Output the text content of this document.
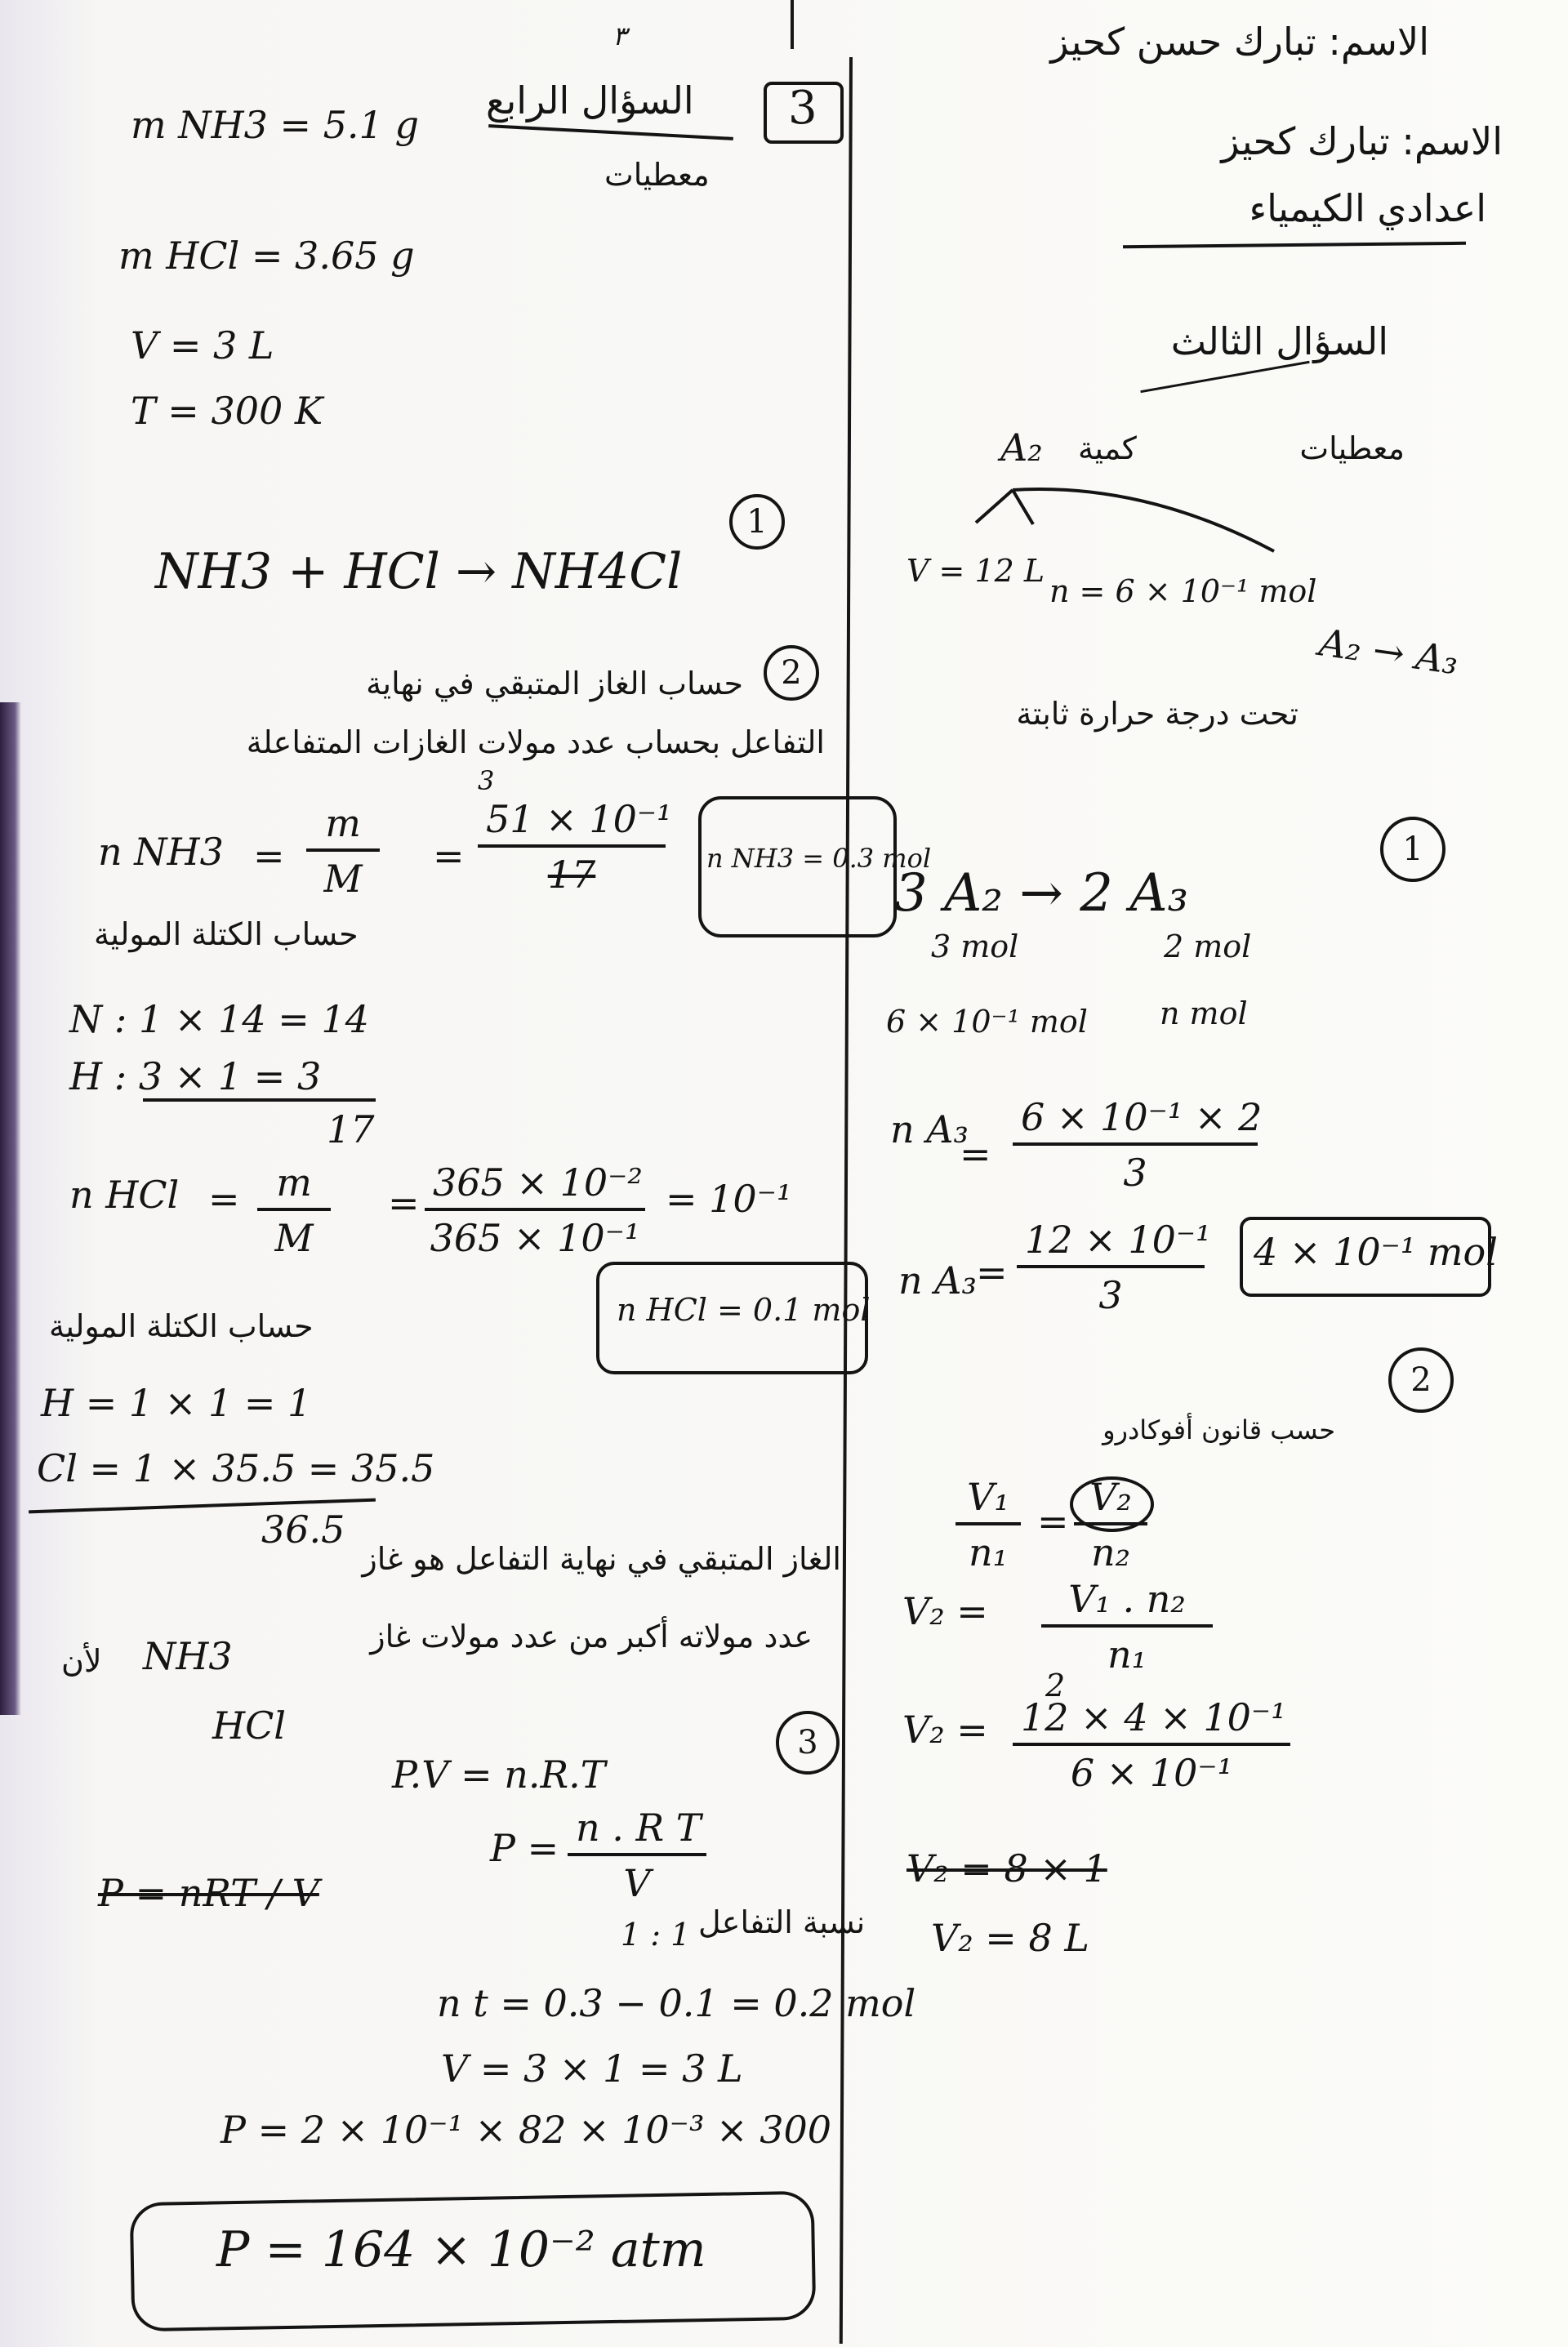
الاسم: تبارك حسن كحيز
٣
الاسم: تبارك كحيز
اعدادي الكيمياء
السؤال الثالث
معطيات
كمية
A₂
V = 12 L
n = 6 × 10⁻¹ mol
A₂ → A₃
تحت درجة حرارة ثابتة
1
3 A₂ → 2 A₃
3 mol	2 mol
6 × 10⁻¹ mol n mol
n A₃
= $\frac{\text{6 × 10⁻¹ × 2}}{3}$
n $A_3 = \frac{\text{12 × 10⁻¹}}{3} 4 \times 10^{-1}$ mol
2
حسب قانون أفوكادرو
$\frac{\text{V₁}}{\text{n₁}} = \frac{\text{V₂}}{\text{n₂}}$
$V_2 = \frac{\text{V₁ . n₂}}{\text{n₁}}$
V₂ =
2
$\frac{\text{12 × 4 × 10⁻¹}}{\text{6 × 10⁻¹}}$
V₂ = 8 × 1
V₂ = 8 L
السؤال الرابع
معطيات
3
m NH3 = 5.1 g
m HCl = 3.65 g
V = 3 L
T = 300 K
1
NH3 + HCl → NH4Cl
2
حساب الغاز المتبقي في نهاية
التفاعل بحساب عدد مولات الغازات المتفاعلة
n $NH3 = \frac{m}{M}$ =
3
$\frac{\text{51 × 10⁻¹}}{17}$ n NH3 = 0.3 mol
حساب الكتلة المولية
N : 1 × 14 = 14
H : 3 × 1 = 3
17
n HCl = $\frac{m}{M} = \frac{\text{365 × 10⁻²}}{\text{365 × 10⁻¹}} = 10^{-1}$
n HCl = 0.1 mol
حساب الكتلة المولية
H = 1 × 1 = 1
Cl = 1 × 35.5 = 35.5
36.5
الغاز المتبقي في نهاية التفاعل هو غاز
لأن NH3	عدد مولاته أكبر من عدد مولات غاز
HCl	3
P.V = n.R.T
$P = \frac{\text{n . R T}}{V}$
P = nRT / V
نسبة التفاعل
1 : 1
n t = 0.3 − 0.1 = 0.2 mol
V = 3 × 1 = 3 L
P = 2 × 10⁻¹ × 82 × 10⁻³ × 300
P = 164 × 10⁻² atm
